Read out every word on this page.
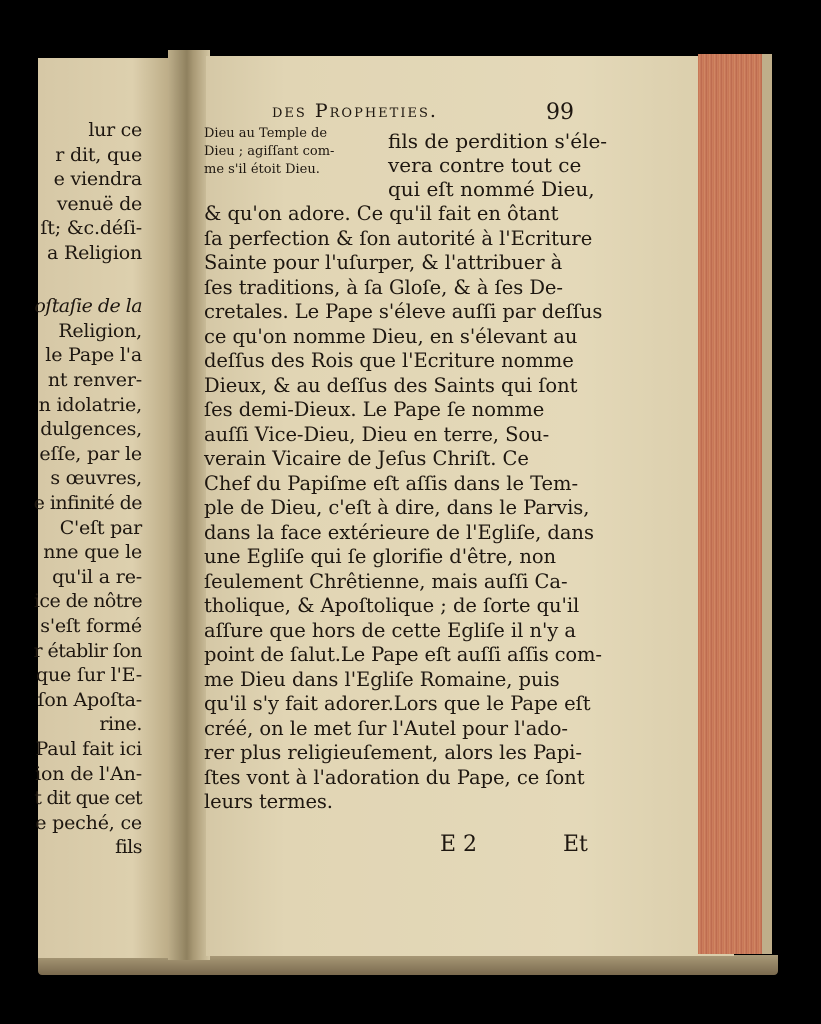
lur ce
r dit, que
e viendra
venuë de
ſt; &c.déſi-
a Religion
oſtaſie de la
Religion,
le Pape l'a
nt renver-
n idolatrie,
dulgences,
eſſe, par le
s œuvres,
e infinité de
C'eſt par
nne que le
qu'il a re-
ice de nôtre
s'eſt formé
r établir ſon
que ſur l'E-
ſon Apoſta-
rine.
Paul fait ici
ion de l'An-
t dit que cet
e peché, ce
fils
des Propheties.	99
Dieu au Temple de
Dieu ; agiſſant com-
me s'il étoit Dieu.
fils de perdition s'éle-
vera contre tout ce
qui eſt nommé Dieu,
& qu'on adore. Ce qu'il fait en ôtant
ſa perfection & ſon autorité à l'Ecriture
Sainte pour l'uſurper, & l'attribuer à
ſes traditions, à ſa Gloſe, & à ſes De-
cretales. Le Pape s'éleve auſſi par deſſus
ce qu'on nomme Dieu, en s'élevant au
deſſus des Rois que l'Ecriture nomme
Dieux, & au deſſus des Saints qui ſont
ſes demi-Dieux. Le Pape ſe nomme
auſſi Vice-Dieu, Dieu en terre, Sou-
verain Vicaire de Jeſus Chriſt. Ce
Chef du Papiſme eſt aſſis dans le Tem-
ple de Dieu, c'eſt à dire, dans le Parvis,
dans la face extérieure de l'Egliſe, dans
une Egliſe qui ſe glorifie d'être, non
ſeulement Chrêtienne, mais auſſi Ca-
tholique, & Apoſtolique ; de ſorte qu'il
aſſure que hors de cette Egliſe il n'y a
point de ſalut.Le Pape eſt auſſi aſſis com-
me Dieu dans l'Egliſe Romaine, puis
qu'il s'y fait adorer.Lors que le Pape eſt
créé, on le met ſur l'Autel pour l'ado-
rer plus religieuſement, alors les Papi-
ſtes vont à l'adoration du Pape, ce ſont
leurs termes.
E 2	Et
